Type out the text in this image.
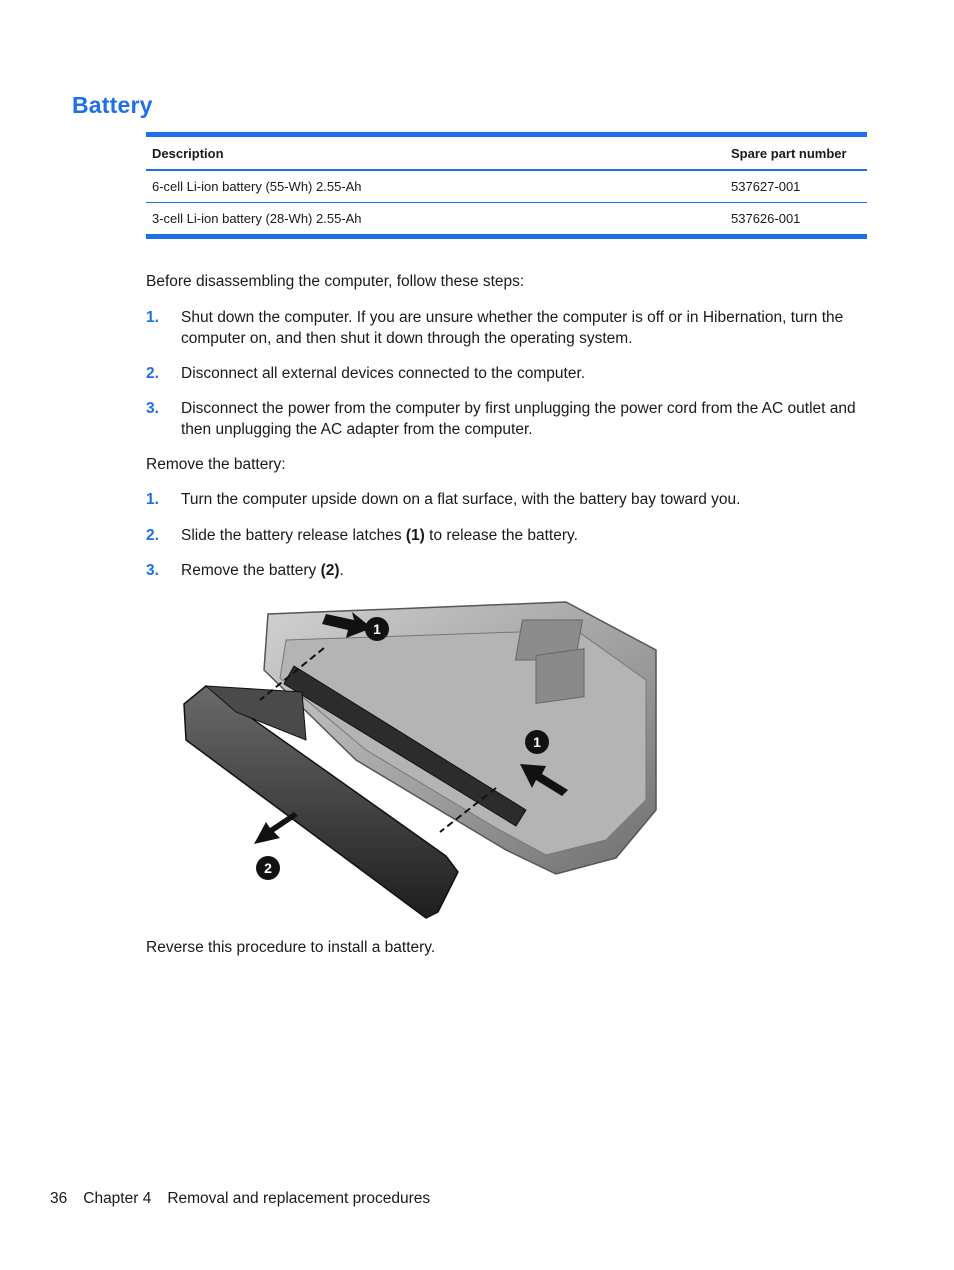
Battery
Description	Spare part number
6-cell Li-ion battery (55-Wh) 2.55-Ah	537627-001
3-cell Li-ion battery (28-Wh) 2.55-Ah	537626-001

Before disassembling the computer, follow these steps:

1. Shut down the computer. If you are unsure whether the computer is off or in Hibernation, turn the computer on, and then shut it down through the operating system.
2. Disconnect all external devices connected to the computer.
3. Disconnect the power from the computer by first unplugging the power cord from the AC outlet and then unplugging the AC adapter from the computer.

Remove the battery:

1. Turn the computer upside down on a flat surface, with the battery bay toward you.
2. Slide the battery release latches (1) to release the battery.
3. Remove the battery (2).
1
1
2

Reverse this procedure to install a battery.

36 Chapter 4 Removal and replacement procedures
